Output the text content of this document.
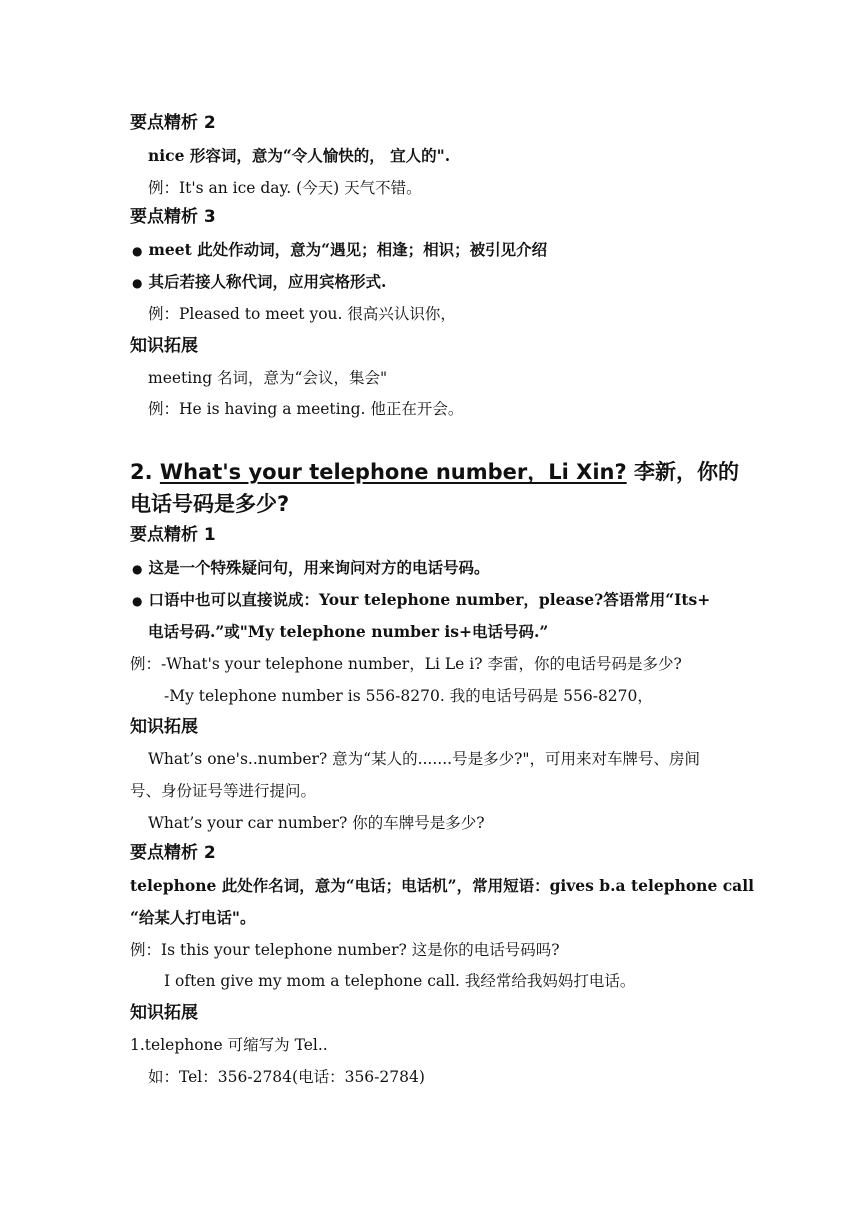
要点精析 2
nice 形容词，意为“令人愉快的， 宜人的".
例：It's an ice day. (今天) 天气不错。
要点精析 3
● meet 此处作动词，意为“遇见；相逢；相识；被引见介绍
● 其后若接人称代词，应用宾格形式.
例：Pleased to meet you. 很高兴认识你，
知识拓展
meeting 名词，意为“会议，集会"
例：He is having a meeting. 他正在开会。
2. What's your telephone number，Li Xin? 李新，你的电话号码是多少?
要点精析 1
● 这是一个特殊疑问句，用来询问对方的电话号码。
● 口语中也可以直接说成：Your telephone number，please?答语常用“Its+
电话号码.”或"My telephone number is+电话号码.”
例：-What's your telephone number，Li Le i? 李雷，你的电话号码是多少?
-My telephone number is 556-8270. 我的电话号码是 556-8270，
知识拓展
What’s one's..number? 意为“某人的.......号是多少?"，可用来对车牌号、房间
号、身份证号等进行提问。
What’s your car number? 你的车牌号是多少?
要点精析 2
telephone 此处作名词，意为“电话；电话机”，常用短语：gives b.a telephone call
“给某人打电话"。
例：Is this your telephone number? 这是你的电话号码吗?
I often give my mom a telephone call. 我经常给我妈妈打电话。
知识拓展
1.telephone 可缩写为 Tel..
如：Tel：356-2784(电话：356-2784)
